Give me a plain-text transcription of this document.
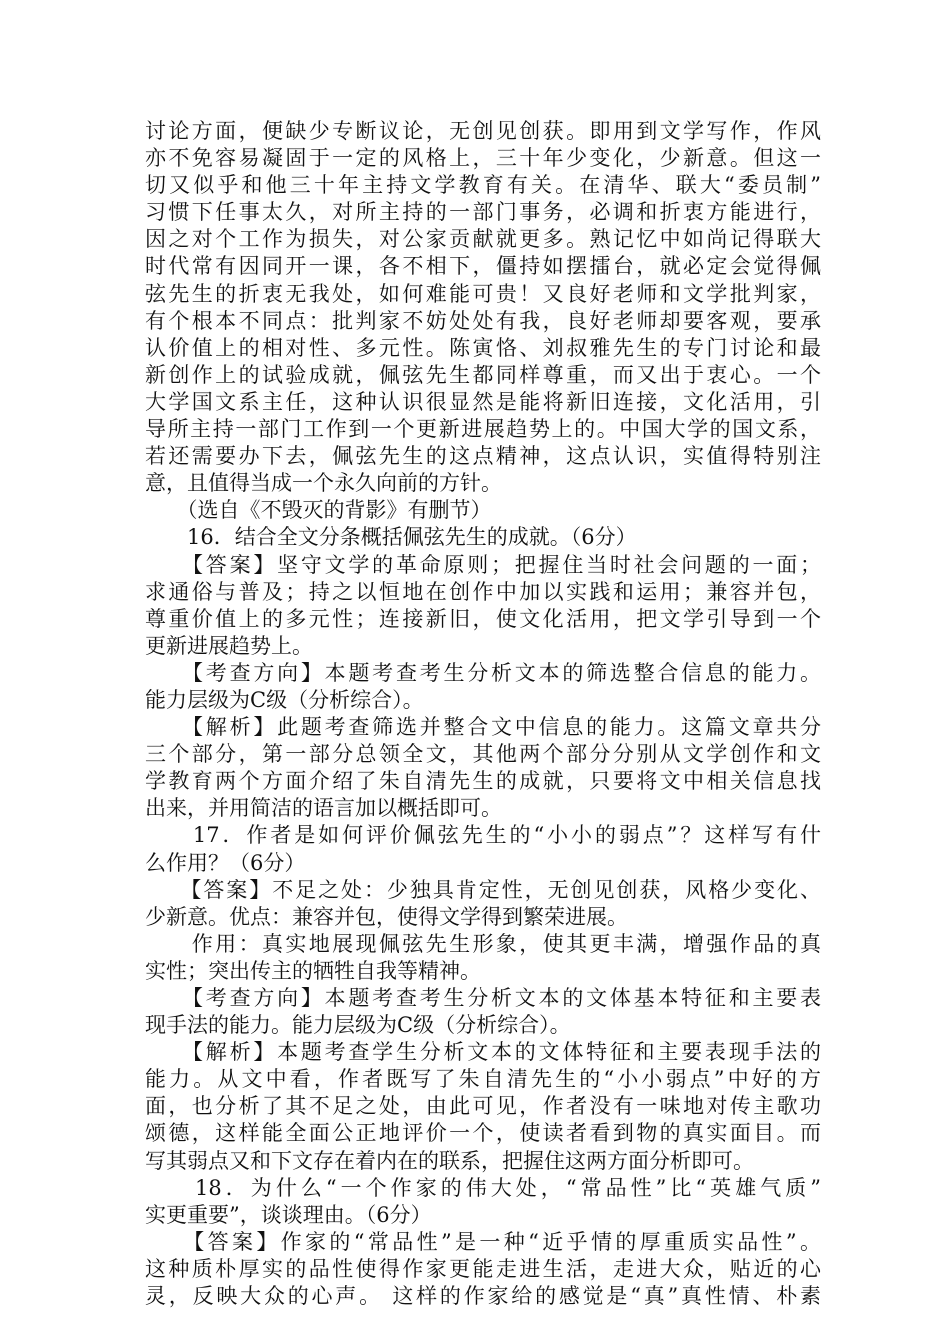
讨论方面，便缺少专断议论，无创见创获。即用到文学写作，作风
亦不免容易凝固于一定的风格上，三十年少变化，少新意。但这一
切又似乎和他三十年主持文学教育有关。在清华、联大“委员制”
习惯下任事太久，对所主持的一部门事务，必调和折衷方能进行，
因之对个工作为损失，对公家贡献就更多。熟记忆中如尚记得联大
时代常有因同开一课，各不相下，僵持如摆擂台，就必定会觉得佩
弦先生的折衷无我处，如何难能可贵！又良好老师和文学批判家，
有个根本不同点：批判家不妨处处有我，良好老师却要客观，要承
认价值上的相对性、多元性。陈寅恪、刘叔雅先生的专门讨论和最
新创作上的试验成就，佩弦先生都同样尊重，而又出于衷心。一个
大学国文系主任，这种认识很显然是能将新旧连接，文化活用，引
导所主持一部门工作到一个更新进展趋势上的。中国大学的国文系，
若还需要办下去，佩弦先生的这点精神，这点认识，实值得特别注
意，且值得当成一个永久向前的方针。
　　（选自《不毁灭的背影》有删节）
　　16．结合全文分条概括佩弦先生的成就。（6分）
　　【答案】坚守文学的革命原则；把握住当时社会问题的一面；
求通俗与普及；持之以恒地在创作中加以实践和运用；兼容并包，
尊重价值上的多元性；连接新旧，使文化活用，把文学引导到一个
更新进展趋势上。
　　【考查方向】本题考查考生分析文本的筛选整合信息的能力。
能力层级为C级（分析综合）。
　　【解析】此题考查筛选并整合文中信息的能力。这篇文章共分
三个部分，第一部分总领全文，其他两个部分分别从文学创作和文
学教育两个方面介绍了朱自清先生的成就，只要将文中相关信息找
出来，并用简洁的语言加以概括即可。
　　17．作者是如何评价佩弦先生的“小小的弱点”？这样写有什
么作用？（6分）
　　【答案】不足之处：少独具肯定性，无创见创获，风格少变化、
少新意。优点：兼容并包，使得文学得到繁荣进展。
　　作用：真实地展现佩弦先生形象，使其更丰满，增强作品的真
实性；突出传主的牺牲自我等精神。
　　【考查方向】本题考查考生分析文本的文体基本特征和主要表
现手法的能力。能力层级为C级（分析综合）。
　　【解析】本题考查学生分析文本的文体特征和主要表现手法的
能力。从文中看，作者既写了朱自清先生的“小小弱点”中好的方
面，也分析了其不足之处，由此可见，作者没有一味地对传主歌功
颂德，这样能全面公正地评价一个，使读者看到物的真实面目。而
写其弱点又和下文存在着内在的联系，把握住这两方面分析即可。
　　18．为什么“一个作家的伟大处，“常品性”比“英雄气质”
实更重要”，谈谈理由。（6分）
　　【答案】作家的“常品性”是一种“近乎情的厚重质实品性”。
这种质朴厚实的品性使得作家更能走进生活，走进大众，贴近的心
灵，反映大众的心声。 这样的作家给的感觉是“真”真性情、朴素
